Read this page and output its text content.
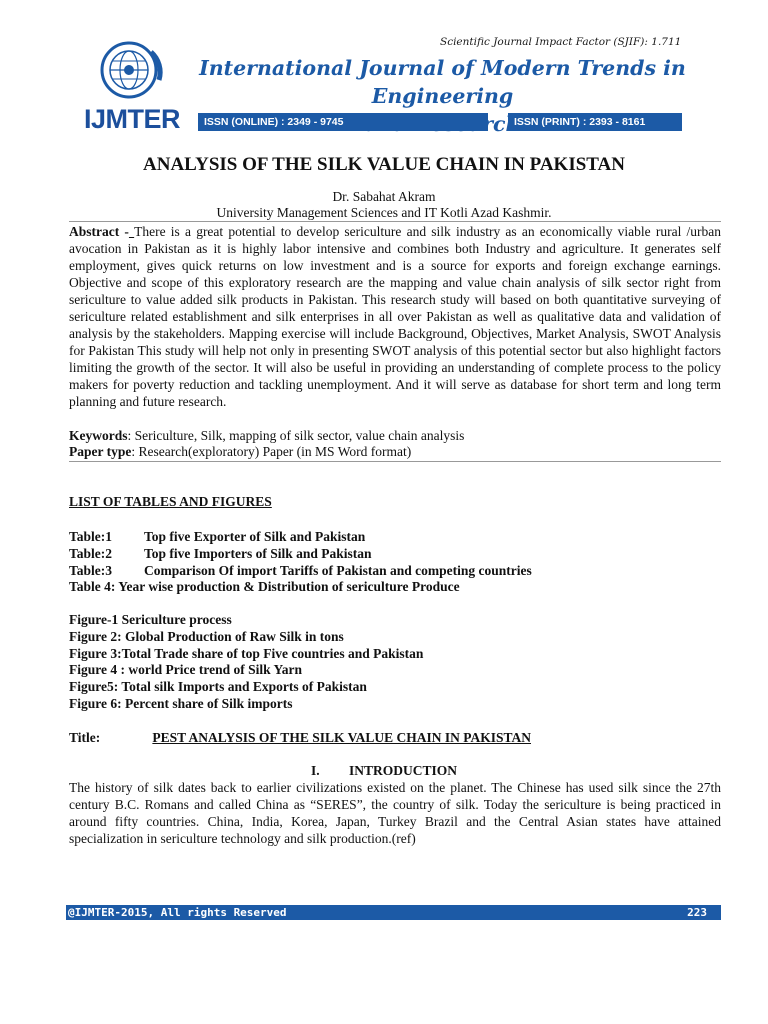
Scientific Journal Impact Factor (SJIF): 1.711
IJMTER
International Journal of Modern Trends in Engineering
ISSN (ONLINE) : 2349 - 9745	ISSN (PRINT) : 2393 - 8161
ANALYSIS OF THE SILK VALUE CHAIN IN PAKISTAN
Dr. Sabahat Akram
University Management Sciences and IT Kotli Azad Kashmir.
Abstract - There is a great potential to develop sericulture and silk industry as an economically viable rural /urban avocation in Pakistan as it is highly labor intensive and combines both Industry and agriculture. It generates self employment, gives quick returns on low investment and is a source for exports and foreign exchange earnings. Objective and scope of this exploratory research are the mapping and value chain analysis of silk sector right from sericulture to value added silk products in Pakistan. This research study will based on both quantitative surveying of sericulture related establishment and silk enterprises in all over Pakistan as well as qualitative data and validation of analysis by the stakeholders. Mapping exercise will include Background, Objectives, Market Analysis, SWOT Analysis for Pakistan This study will help not only in presenting SWOT analysis of this potential sector but also highlight factors limiting the growth of the sector. It will also be useful in providing an understanding of complete process to the policy makers for poverty reduction and tackling unemployment. And it will serve as database for short term and long term planning and future research.
Keywords: Sericulture, Silk, mapping of silk sector, value chain analysis
Paper type: Research(exploratory) Paper (in MS Word format)
LIST OF TABLES AND FIGURES
Table:1 Top five Exporter of Silk and Pakistan
Table:2 Top five Importers of Silk and Pakistan
Table:3 Comparison Of import Tariffs of Pakistan and competing countries
Table 4: Year wise production & Distribution of sericulture Produce
Figure-1 Sericulture process
Figure 2: Global Production of Raw Silk in tons
Figure 3:Total Trade share of top Five countries and Pakistan
Figure 4 : world Price trend of Silk Yarn
Figure5: Total silk Imports and Exports of Pakistan
Figure 6: Percent share of Silk imports
Title:	PEST ANALYSIS OF THE SILK VALUE CHAIN IN PAKISTAN
I. INTRODUCTION
The history of silk dates back to earlier civilizations existed on the planet. The Chinese has used silk since the 27th century B.C. Romans and called China as “SERES”, the country of silk. Today the sericulture is being practiced in around fifty countries. China, India, Korea, Japan, Turkey Brazil and the Central Asian states have attained specialization in sericulture technology and silk production.(ref)
@IJMTER-2015, All rights Reserved	223
